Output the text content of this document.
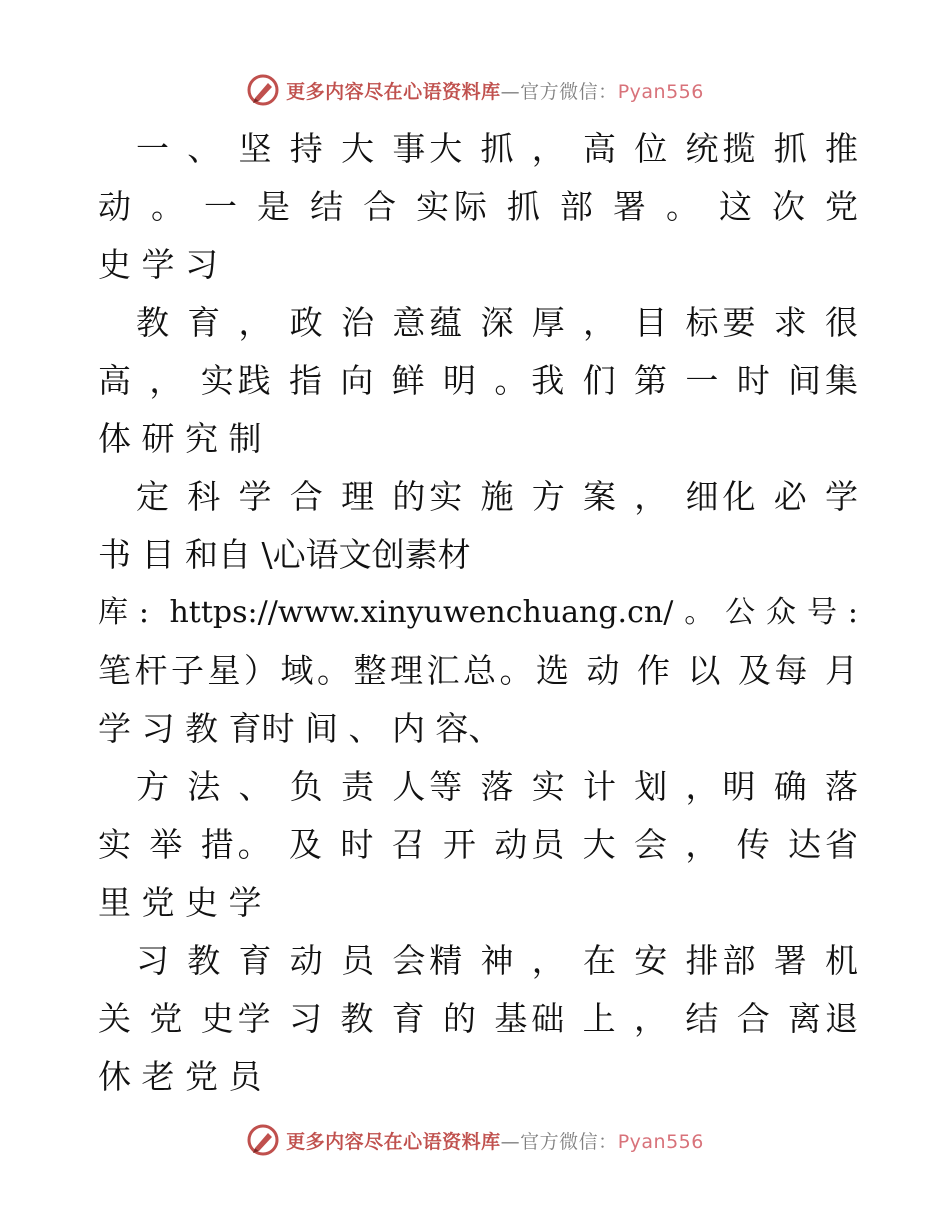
更多内容尽在心语资料库—官方微信：Pyan556
一 、 坚 持 大 事大 抓 ， 高 位 统揽 抓 推
动 。 一 是 结 合 实际 抓 部 署 。 这 次 党
史 学 习
教 育 ， 政 治 意蕴 深 厚 ， 目 标要 求 很
高 ， 实践 指 向 鲜 明 。我 们 第 一 时 间集
体 研 究 制
定 科 学 合 理 的实 施 方 案 ， 细化 必 学
书 目 和自 \心语文创素材
库: https://www.xinyuwenchuang.cn/。公众号:
笔杆子星）域。整理汇总。选 动 作 以 及每 月
学 习 教 育时 间 、 内 容、
方 法 、 负 责 人等 落 实 计 划 ，明 确 落
实 举 措。 及 时 召 开 动员 大 会 ， 传 达省
里 党 史 学
习 教 育 动 员 会精 神 ， 在 安 排部 署 机
关 党 史学 习 教 育 的 基础 上 ， 结 合 离退
休 老 党 员
更多内容尽在心语资料库—官方微信：Pyan556
